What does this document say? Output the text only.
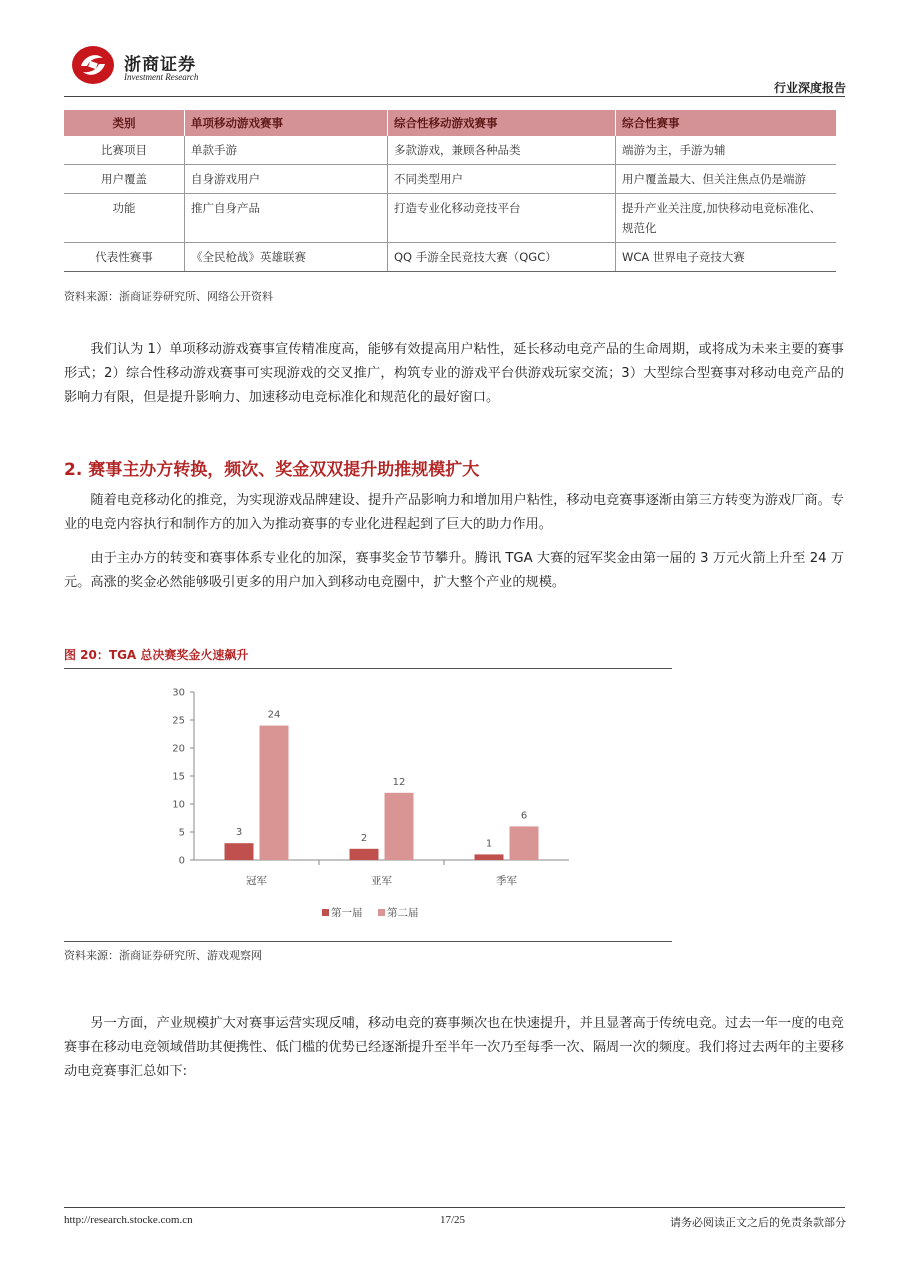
浙商证券
Investment Research
行业深度报告
类别	单项移动游戏赛事	综合性移动游戏赛事	综合性赛事
比赛项目	单款手游	多款游戏，兼顾各种品类	端游为主，手游为辅
用户覆盖	自身游戏用户	不同类型用户	用户覆盖最大、但关注焦点仍是端游
功能	推广自身产品	打造专业化移动竞技平台	提升产业关注度,加快移动电竞标准化、规范化
代表性赛事	《全民枪战》英雄联赛	QQ 手游全民竞技大赛（QGC）	WCA 世界电子竞技大赛
资料来源：浙商证券研究所、网络公开资料

我们认为 1）单项移动游戏赛事宣传精准度高，能够有效提高用户粘性，延长移动电竞产品的生命周期，或将成为未来主要的赛事形式；2）综合性移动游戏赛事可实现游戏的交叉推广，构筑专业的游戏平台供游戏玩家交流；3）大型综合型赛事对移动电竞产品的影响力有限，但是提升影响力、加速移动电竞标准化和规范化的最好窗口。

2. 赛事主办方转换，频次、奖金双双提升助推规模扩大

随着电竞移动化的推竞，为实现游戏品牌建设、提升产品影响力和增加用户粘性，移动电竞赛事逐渐由第三方转变为游戏厂商。专业的电竞内容执行和制作方的加入为推动赛事的专业化进程起到了巨大的助力作用。

由于主办方的转变和赛事体系专业化的加深，赛事奖金节节攀升。腾讯 TGA 大赛的冠军奖金由第一届的 3 万元火箭上升至 24 万元。高涨的奖金必然能够吸引更多的用户加入到移动电竞圈中，扩大整个产业的规模。

图 20：TGA 总决赛奖金火速飙升
0
5
10
15
20
25
30
冠军	亚军	季军
3
24
2
12
1
6
第一届 第二届
资料来源：浙商证券研究所、游戏观察网

另一方面，产业规模扩大对赛事运营实现反哺，移动电竞的赛事频次也在快速提升，并且显著高于传统电竞。过去一年一度的电竞赛事在移动电竞领域借助其便携性、低门槛的优势已经逐渐提升至半年一次乃至每季一次、隔周一次的频度。我们将过去两年的主要移动电竞赛事汇总如下:

http://research.stocke.com.cn	17/25	请务必阅读正文之后的免责条款部分
